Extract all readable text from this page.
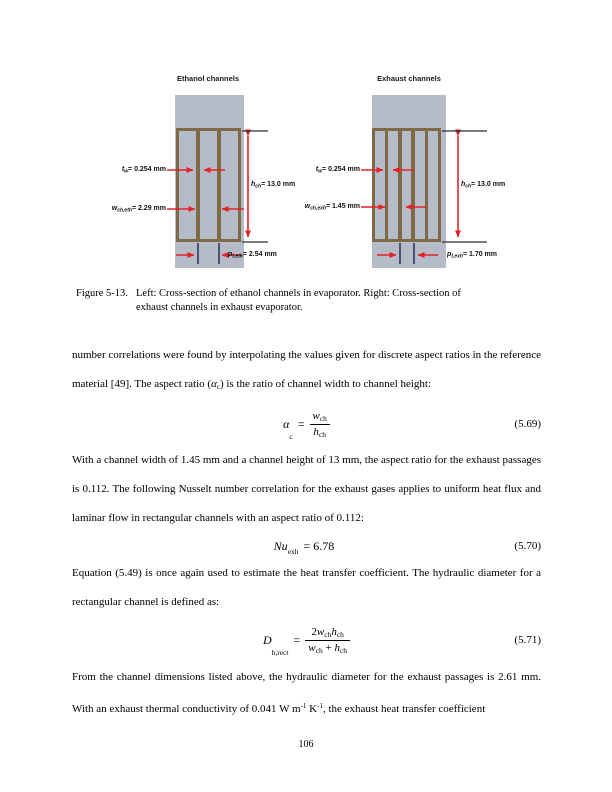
Ethanol channels	Exhaust channels
$t_w= 0.254$ mm
$w_{ch,eth}= 2.29$ mm
$h_{ch}= 13.0$ mm
$p_{t,eth}= 2.54$ mm
$t_w= 0.254$ mm
$w_{ch,exh}= 1.45$ mm
$h_{ch}= 13.0$ mm
$p_{t,exh}= 1.70$ mm
Figure 5-13. Left: Cross-section of ethanol channels in evaporator. Right: Cross-section of
exhaust channels in exhaust evaporator.

number correlations were found by interpolating the values given for discrete aspect ratios in the reference material [49]. The aspect ratio $(\alpha_c)$ is the ratio of channel width to channel height:

α
c
= $\frac{\text{wch}}{\text{hch}}$	(5.69)

With a channel width of 1.45 mm and a channel height of 13 mm, the aspect ratio for the exhaust passages is 0.112. The following Nusselt number correlation for the exhaust gases applies to uniform heat flux and laminar flow in rectangular channels with an aspect ratio of 0.112:

Nu exh = 6.78	(5.70)

Equation (5.49) is once again used to estimate the heat transfer coefficient. The hydraulic diameter for a rectangular channel is defined as:

D
h,rect
= $\frac{\text{2wchhch}}{\text{wch + hch}}$	(5.71)

From the channel dimensions listed above, the hydraulic diameter for the exhaust passages is 2.61 mm. With an exhaust thermal conductivity of 0.041 W $m^{-1}$ $K^{-1}$, the exhaust heat transfer coefficient

106
